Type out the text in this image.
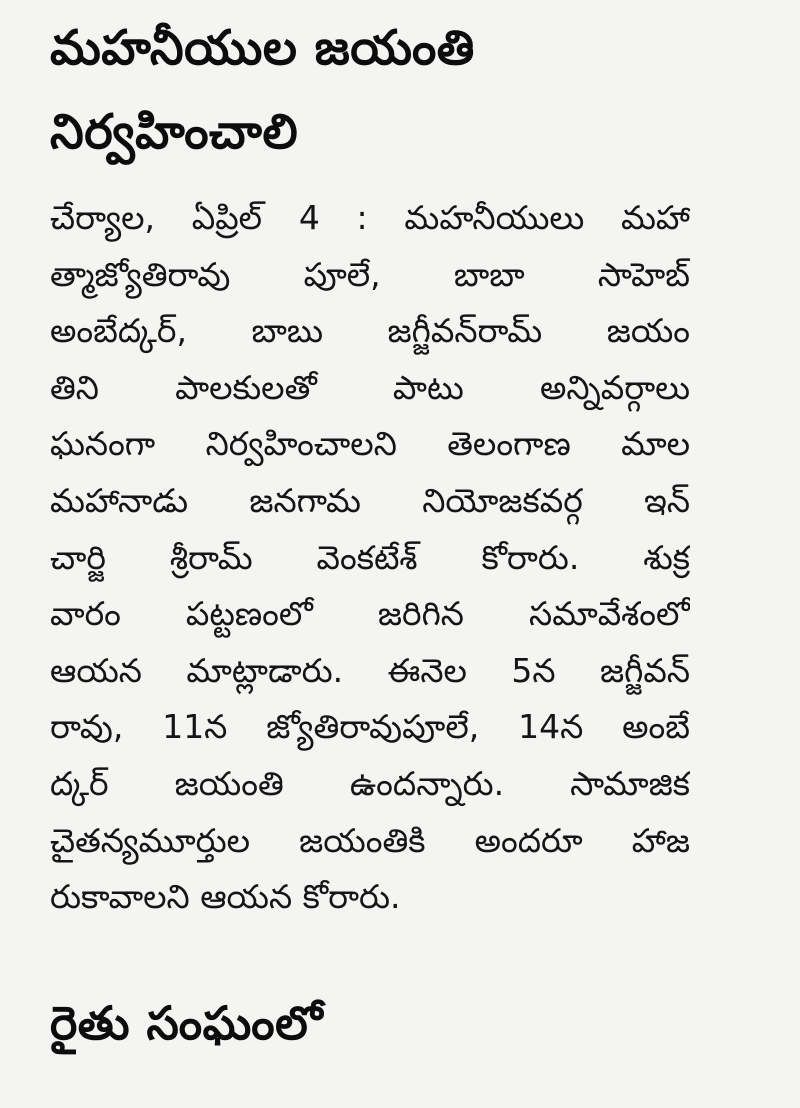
మహనీయుల జయంతి
నిర్వహించాలి
చేర్యాల, ఏప్రిల్ 4 : మహనీయులు మహా
త్మాజ్యోతిరావు పూలే, బాబా సాహెబ్
అంబేద్కర్, బాబు జగ్జీవన్‌రామ్ జయం
తిని పాలకులతో పాటు అన్నివర్గాలు
ఘనంగా నిర్వహించాలని తెలంగాణ మాల
మహానాడు జనగామ నియోజకవర్గ ఇన్
చార్జి శ్రీరామ్ వెంకటేశ్ కోరారు. శుక్ర
వారం పట్టణంలో జరిగిన సమావేశంలో
ఆయన మాట్లాడారు. ఈనెల 5న జగ్జీవన్
రావు, 11న జ్యోతిరావుపూలే, 14న అంబే
ద్కర్ జయంతి ఉందన్నారు. సామాజిక
చైతన్యమూర్తుల జయంతికి అందరూ హాజ
రుకావాలని ఆయన కోరారు.
రైతు సంఘంలో
